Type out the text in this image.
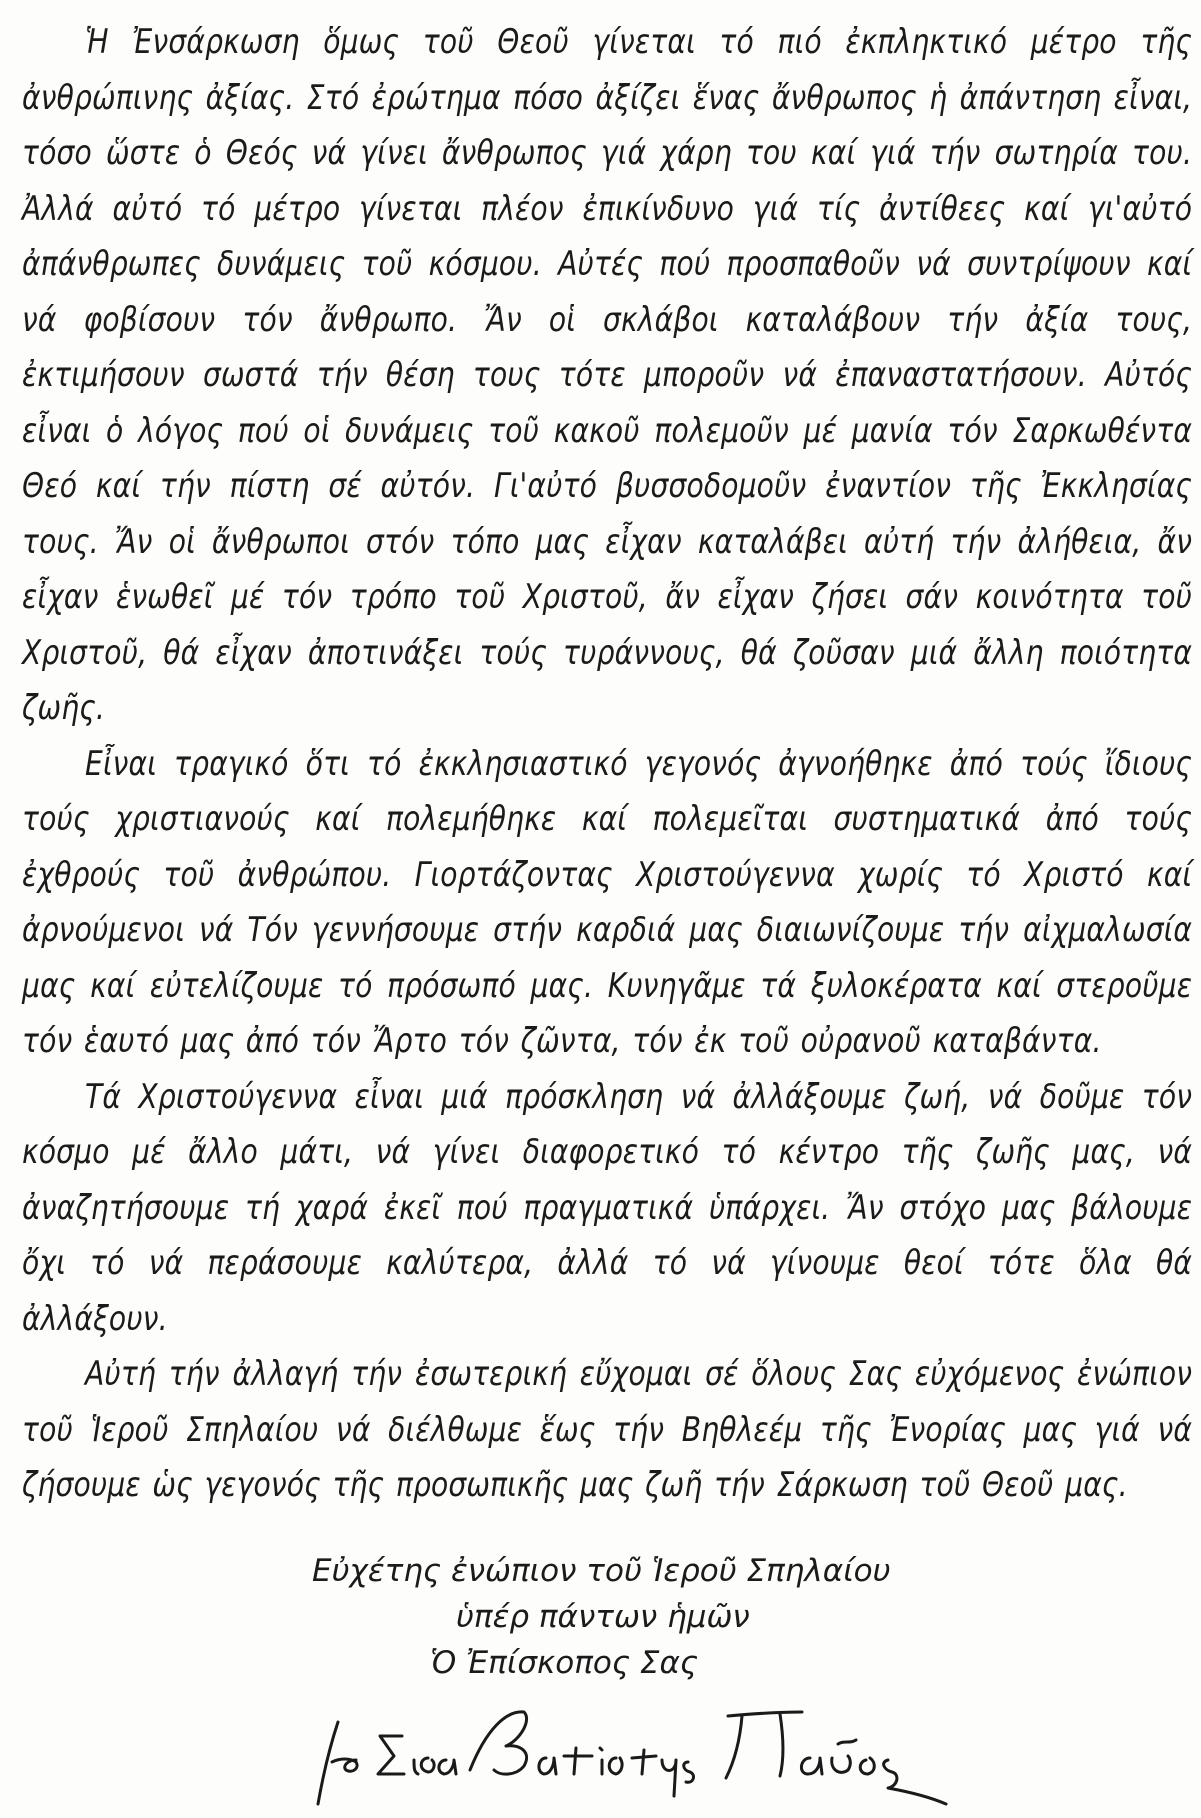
Ἡ Ἐνσάρκωση ὅμως τοῦ Θεοῦ γίνεται τό πιό ἐκπληκτικό μέτρο τῆς ἀνθρώπινης ἀξίας. Στό ἐρώτημα πόσο ἀξίζει ἕνας ἄνθρωπος ἡ ἀπάντηση εἶναι, τόσο ὥστε ὁ Θεός νά γίνει ἄνθρωπος γιά χάρη του καί γιά τήν σωτηρία του. Ἀλλά αὐτό τό μέτρο γίνεται πλέον ἐπικίνδυνο γιά τίς ἀντίθεες καί γι'αὐτό ἀπάνθρωπες δυνάμεις τοῦ κόσμου. Αὐτές πού προσπαθοῦν νά συντρίψουν καί νά φοβίσουν τόν ἄνθρωπο. Ἄν οἱ σκλάβοι καταλάβουν τήν ἀξία τους, ἐκτιμήσουν σωστά τήν θέση τους τότε μποροῦν νά ἐπαναστατήσουν. Αὐτός εἶναι ὁ λόγος πού οἱ δυνάμεις τοῦ κακοῦ πολεμοῦν μέ μανία τόν Σαρκωθέντα Θεό καί τήν πίστη σέ αὐτόν. Γι'αὐτό βυσσοδομοῦν ἐναντίον τῆς Ἐκκλησίας τους. Ἄν οἱ ἄνθρωποι στόν τόπο μας εἶχαν καταλάβει αὐτή τήν ἀλήθεια, ἄν εἶχαν ἑνωθεῖ μέ τόν τρόπο τοῦ Χριστοῦ, ἄν εἶχαν ζήσει σάν κοινότητα τοῦ Χριστοῦ, θά εἶχαν ἀποτινάξει τούς τυράννους, θά ζοῦσαν μιά ἄλλη ποιότητα ζωῆς.

Εἶναι τραγικό ὅτι τό ἐκκλησιαστικό γεγονός ἀγνοήθηκε ἀπό τούς ἴδιους τούς χριστιανούς καί πολεμήθηκε καί πολεμεῖται συστηματικά ἀπό τούς ἐχθρούς τοῦ ἀνθρώπου. Γιορτάζοντας Χριστούγεννα χωρίς τό Χριστό καί ἀρνούμενοι νά Τόν γεννήσουμε στήν καρδιά μας διαιωνίζουμε τήν αἰχμαλωσία μας καί εὐτελίζουμε τό πρόσωπό μας. Κυνηγᾶμε τά ξυλοκέρατα καί στεροῦμε τόν ἑαυτό μας ἀπό τόν Ἄρτο τόν ζῶντα, τόν ἐκ τοῦ οὐρανοῦ καταβάντα.

Τά Χριστούγεννα εἶναι μιά πρόσκληση νά ἀλλάξουμε ζωή, νά δοῦμε τόν κόσμο μέ ἄλλο μάτι, νά γίνει διαφορετικό τό κέντρο τῆς ζωῆς μας, νά ἀναζητήσουμε τή χαρά ἐκεῖ πού πραγματικά ὑπάρχει. Ἄν στόχο μας βάλουμε ὄχι τό νά περάσουμε καλύτερα, ἀλλά τό νά γίνουμε θεοί τότε ὅλα θά ἀλλάξουν.

Αὐτή τήν ἀλλαγή τήν ἐσωτερική εὔχομαι σέ ὅλους Σας εὐχόμενος ἐνώπιον τοῦ Ἱεροῦ Σπηλαίου νά διέλθωμε ἕως τήν Βηθλεέμ τῆς Ἐνορίας μας γιά νά ζήσουμε ὡς γεγονός τῆς προσωπικῆς μας ζωῆ τήν Σάρκωση τοῦ Θεοῦ μας.

Εὐχέτης ἐνώπιον τοῦ Ἱεροῦ Σπηλαίου
ὑπέρ πάντων ἡμῶν
Ὁ Ἐπίσκοπος Σας
